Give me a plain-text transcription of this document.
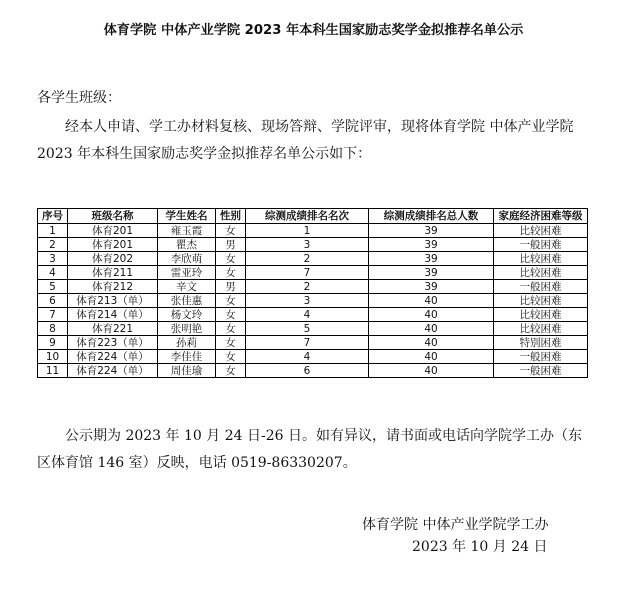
体育学院 中体产业学院 2023 年本科生国家励志奖学金拟推荐名单公示
各学生班级：

经本人申请、学工办材料复核、现场答辩、学院评审，现将体育学院 中体产业学院 2023 年本科生国家励志奖学金拟推荐名单公示如下：

序号	班级名称	学生姓名	性别	综测成绩排名名次	综测成绩排名总人数	家庭经济困难等级
1	体育201	雍玉霞	女	1	39	比较困难
2	体育201	瞿杰	男	3	39	一般困难
3	体育202	李欣萌	女	2	39	比较困难
4	体育211	雷亚玲	女	7	39	比较困难
5	体育212	辛文	男	2	39	一般困难
6	体育213（单）	张佳惠	女	3	40	比较困难
7	体育214（单）	杨文玲	女	4	40	比较困难
8	体育221	张明艳	女	5	40	比较困难
9	体育223（单）	孙莉	女	7	40	特别困难
10	体育224（单）	李佳佳	女	4	40	一般困难
11	体育224（单）	周佳瑜	女	6	40	一般困难

公示期为 2023 年 10 月 24 日-26 日。如有异议，请书面或电话向学院学工办（东区体育馆 146 室）反映，电话 0519-86330207。

体育学院 中体产业学院学工办
2023 年 10 月 24 日
